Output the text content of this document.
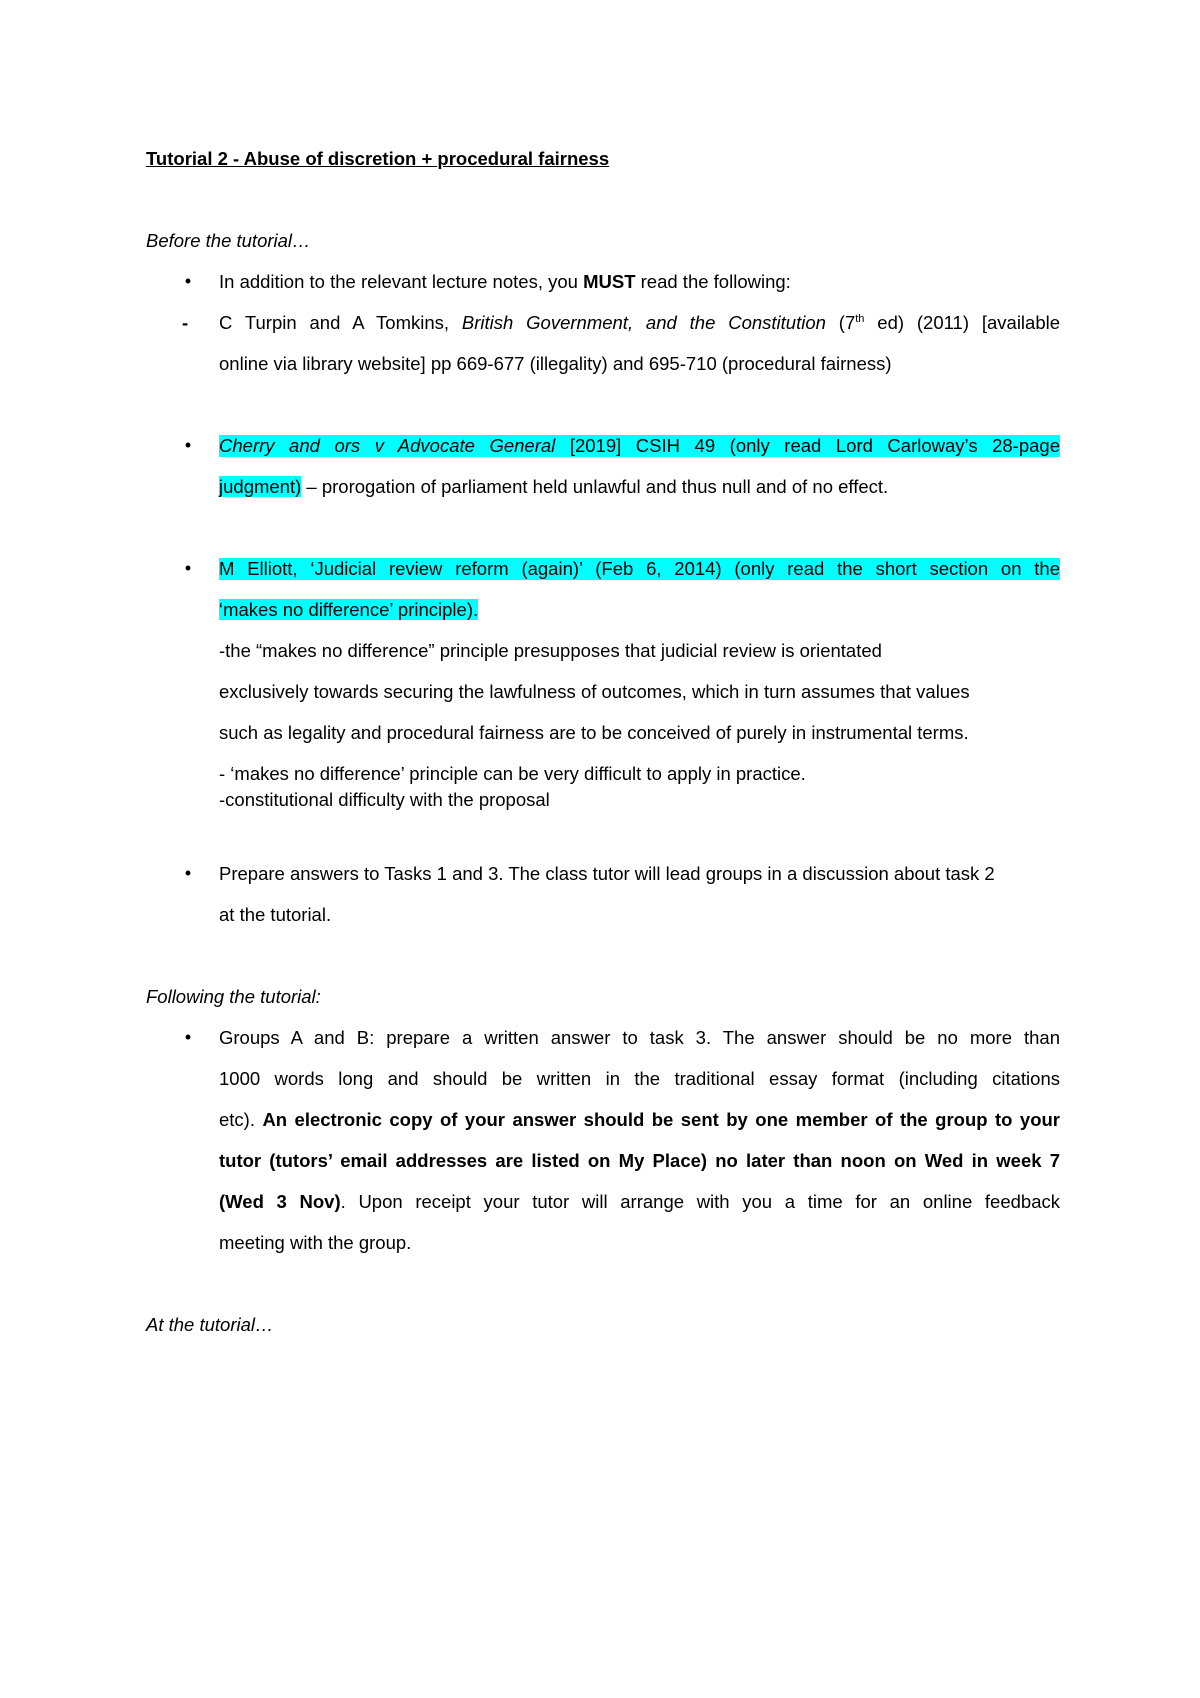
Tutorial 2 - Abuse of discretion + procedural fairness
Before the tutorial…
• In addition to the relevant lecture notes, you MUST read the following:
- C Turpin and A Tomkins, British Government, and the Constitution (7th ed) (2011) [available
online via library website] pp 669-677 (illegality) and 695-710 (procedural fairness)
• Cherry and ors v Advocate General [2019] CSIH 49 (only read Lord Carloway’s 28-page
judgment) – prorogation of parliament held unlawful and thus null and of no effect.
• M Elliott, ‘Judicial review reform (again)’ (Feb 6, 2014) (only read the short section on the
‘makes no difference’ principle).
-the “makes no difference” principle presupposes that judicial review is orientated
exclusively towards securing the lawfulness of outcomes, which in turn assumes that values
such as legality and procedural fairness are to be conceived of purely in instrumental terms.
- ‘makes no difference’ principle can be very difficult to apply in practice.
-constitutional difficulty with the proposal
• Prepare answers to Tasks 1 and 3. The class tutor will lead groups in a discussion about task 2
at the tutorial.
Following the tutorial:
• Groups A and B: prepare a written answer to task 3. The answer should be no more than
1000 words long and should be written in the traditional essay format (including citations
etc). An electronic copy of your answer should be sent by one member of the group to your
tutor (tutors’ email addresses are listed on My Place) no later than noon on Wed in week 7
(Wed 3 Nov). Upon receipt your tutor will arrange with you a time for an online feedback
meeting with the group.
At the tutorial…
